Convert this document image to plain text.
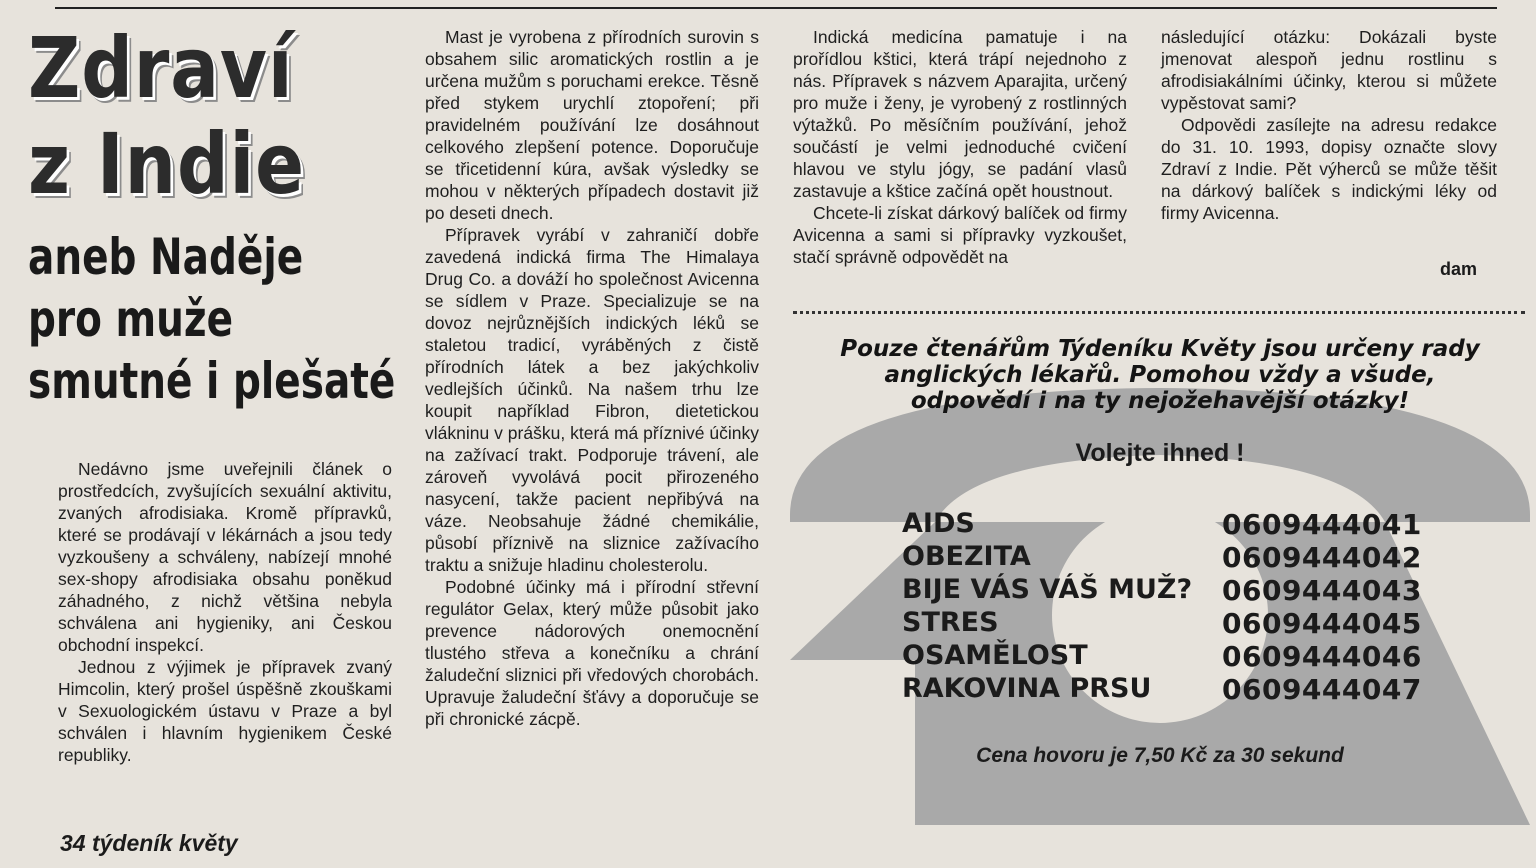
Zdraví
z Indie
aneb Naděje
pro muže
smutné i plešaté

Nedávno jsme uveřejnili článek o prostředcích, zvyšujících sexuální aktivitu, zvaných afrodisiaka. Kromě přípravků, které se prodávají v lékárnách a jsou tedy vyzkoušeny a schváleny, nabízejí mnohé sex-shopy afrodisiaka obsahu poněkud záhadného, z nichž většina nebyla schválena ani hygieniky, ani Českou obchodní inspekcí.

Jednou z výjimek je přípravek zvaný Himcolin, který prošel úspěšně zkouškami v Sexuologickém ústavu v Praze a byl schválen i hlavním hygienikem České republiky.

Mast je vyrobena z přírodních surovin s obsahem silic aromatických rostlin a je určena mužům s poruchami erekce. Těsně před stykem urychlí ztopoření; při pravidelném používání lze dosáhnout celkového zlepšení potence. Doporučuje se třicetidenní kúra, avšak výsledky se mohou v některých případech dostavit již po deseti dnech.

Přípravek vyrábí v zahraničí dobře zavedená indická firma The Himalaya Drug Co. a dováží ho společnost Avicenna se sídlem v Praze. Specializuje se na dovoz nejrůznějších indických léků se staletou tradicí, vyráběných z čistě přírodních látek a bez jakýchkoliv vedlejších účinků. Na našem trhu lze koupit například Fibron, dietetickou vlákninu v prášku, která má příznivé účinky na zažívací trakt. Podporuje trávení, ale zároveň vyvolává pocit přirozeného nasycení, takže pacient nepřibývá na váze. Neobsahuje žádné chemikálie, působí příznivě na sliznice zažívacího traktu a snižuje hladinu cholesterolu.

Podobné účinky má i přírodní střevní regulátor Gelax, který může působit jako prevence nádorových onemocnění tlustého střeva a konečníku a chrání žaludeční sliznici při vředových chorobách. Upravuje žaludeční šťávy a doporučuje se při chronické zácpě.

Indická medicína pamatuje i na prořídlou kštici, která trápí nejednoho z nás. Přípravek s názvem Aparajita, určený pro muže i ženy, je vyrobený z rostlinných výtažků. Po měsíčním používání, jehož součástí je velmi jednoduché cvičení hlavou ve stylu jógy, se padání vlasů zastavuje a kštice začíná opět houstnout.

Chcete-li získat dárkový balíček od firmy Avicenna a sami si přípravky vyzkoušet, stačí správně odpovědět na

následující otázku: Dokázali byste jmenovat alespoň jednu rostlinu s afrodisiakálními účinky, kterou si můžete vypěstovat sami?

Odpovědi zasílejte na adresu redakce do 31. 10. 1993, dopisy označte slovy Zdraví z Indie. Pět výherců se může těšit na dárkový balíček s indickými léky od firmy Avicenna.

dam
Pouze čtenářům Týdeníku Květy jsou určeny rady
anglických lékařů. Pomohou vždy a všude,
odpovědí i na ty nejožehavější otázky!
Volejte ihned !
AIDS	0609444041
OBEZITA	0609444042
BIJE VÁS VÁŠ MUŽ? 0609444043
STRES	0609444045
OSAMĚLOST	0609444046
RAKOVINA PRSU	0609444047
Cena hovoru je 7,50 Kč za 30 sekund
34 týdeník květy
